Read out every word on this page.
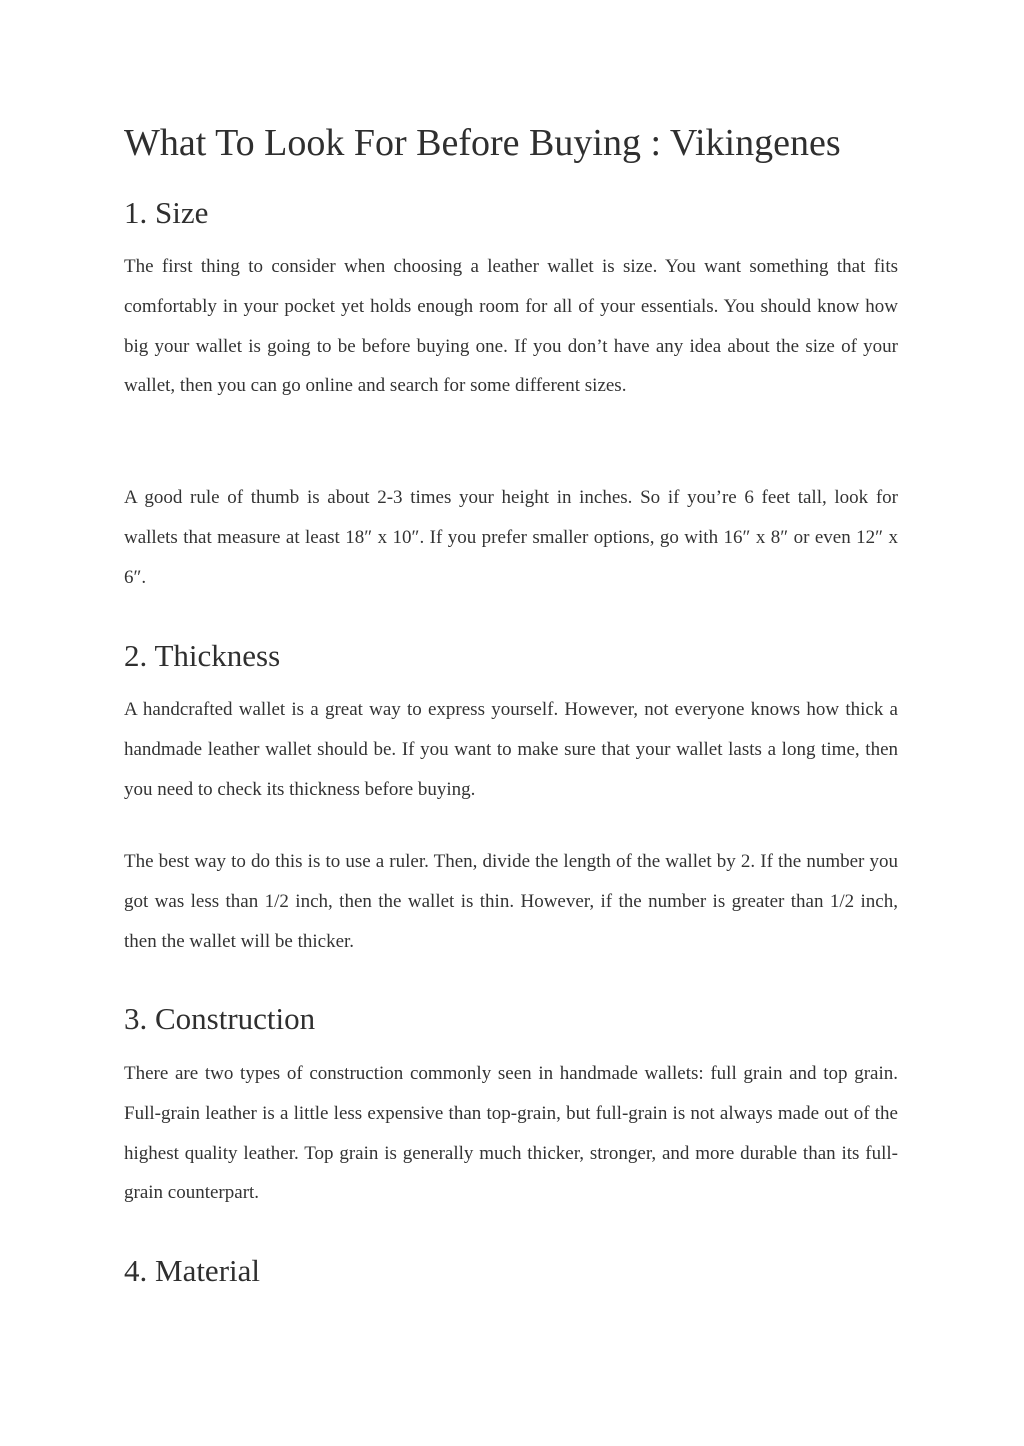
What To Look For Before Buying : Vikingenes
1. Size

The first thing to consider when choosing a leather wallet is size. You want something that fits comfortably in your pocket yet holds enough room for all of your essentials. You should know how big your wallet is going to be before buying one. If you don’t have any idea about the size of your wallet, then you can go online and search for some different sizes.

A good rule of thumb is about 2-3 times your height in inches. So if you’re 6 feet tall, look for wallets that measure at least 18″ x 10″. If you prefer smaller options, go with 16″ x 8″ or even 12″ x 6″.

2. Thickness

A handcrafted wallet is a great way to express yourself. However, not everyone knows how thick a handmade leather wallet should be. If you want to make sure that your wallet lasts a long time, then you need to check its thickness before buying.

The best way to do this is to use a ruler. Then, divide the length of the wallet by 2. If the number you got was less than 1/2 inch, then the wallet is thin. However, if the number is greater than 1/2 inch, then the wallet will be thicker.

3. Construction

There are two types of construction commonly seen in handmade wallets: full grain and top grain. Full-grain leather is a little less expensive than top-grain, but full-grain is not always made out of the highest quality leather. Top grain is generally much thicker, stronger, and more durable than its full-grain counterpart.

4. Material
